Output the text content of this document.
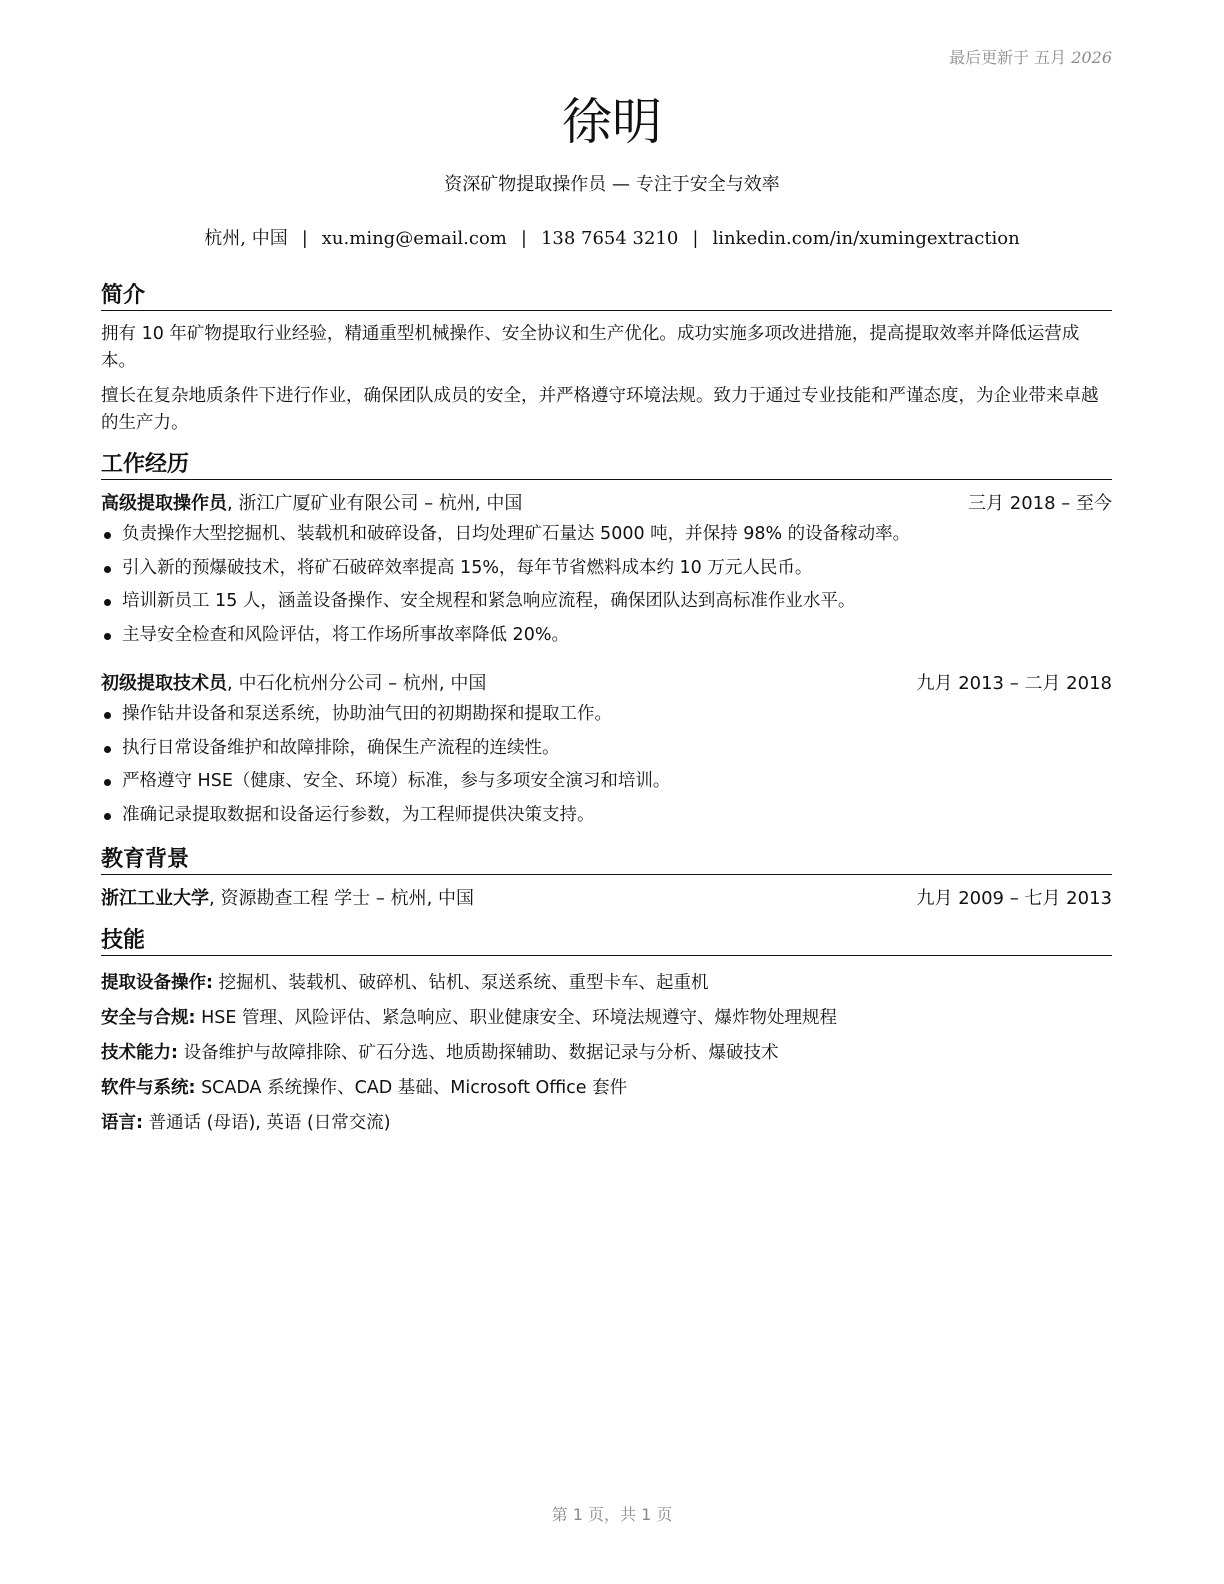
最后更新于 五月 2026
徐明
资深矿物提取操作员 — 专注于安全与效率
杭州, 中国 | xu.ming@email.com | 138 7654 3210 | linkedin.com/in/xumingextraction
简介

拥有 10 年矿物提取行业经验，精通重型机械操作、安全协议和生产优化。成功实施多项改进措施，提高提取效率并降低运营成本。

擅长在复杂地质条件下进行作业，确保团队成员的安全，并严格遵守环境法规。致力于通过专业技能和严谨态度，为企业带来卓越的生产力。

工作经历
高级提取操作员, 浙江广厦矿业有限公司 – 杭州, 中国	三月 2018 – 至今
负责操作大型挖掘机、装载机和破碎设备，日均处理矿石量达 5000 吨，并保持 98% 的设备稼动率。
引入新的预爆破技术，将矿石破碎效率提高 15%，每年节省燃料成本约 10 万元人民币。
培训新员工 15 人，涵盖设备操作、安全规程和紧急响应流程，确保团队达到高标准作业水平。
主导安全检查和风险评估，将工作场所事故率降低 20%。
初级提取技术员, 中石化杭州分公司 – 杭州, 中国	九月 2013 – 二月 2018
操作钻井设备和泵送系统，协助油气田的初期勘探和提取工作。
执行日常设备维护和故障排除，确保生产流程的连续性。
严格遵守 HSE（健康、安全、环境）标准，参与多项安全演习和培训。
准确记录提取数据和设备运行参数，为工程师提供决策支持。
教育背景
浙江工业大学, 资源勘查工程 学士 – 杭州, 中国	九月 2009 – 七月 2013
技能
提取设备操作: 挖掘机、装载机、破碎机、钻机、泵送系统、重型卡车、起重机
安全与合规: HSE 管理、风险评估、紧急响应、职业健康安全、环境法规遵守、爆炸物处理规程
技术能力: 设备维护与故障排除、矿石分选、地质勘探辅助、数据记录与分析、爆破技术
软件与系统: SCADA 系统操作、CAD 基础、Microsoft Office 套件
语言: 普通话 (母语), 英语 (日常交流)
第 1 页，共 1 页
